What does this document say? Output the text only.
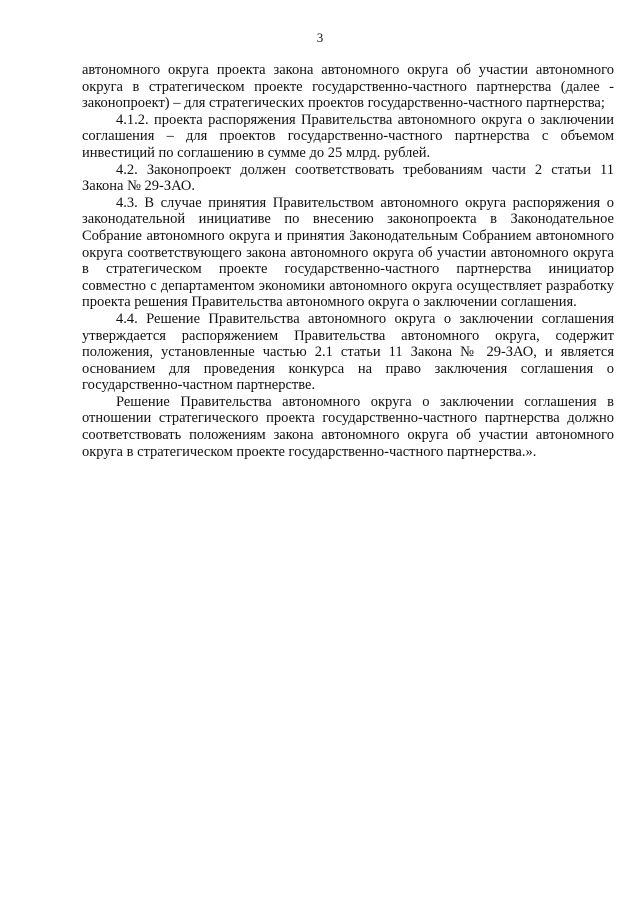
3

автономного округа проекта закона автономного округа об участии автономного округа в стратегическом проекте государственно-частного партнерства (далее - законопроект) – для стратегических проектов государственно-частного партнерства;

4.1.2. проекта распоряжения Правительства автономного округа о заключении соглашения – для проектов государственно-частного партнерства с объемом инвестиций по соглашению в сумме до 25 млрд. рублей.

4.2. Законопроект должен соответствовать требованиям части 2 статьи 11 Закона № 29-ЗАО.

4.3. В случае принятия Правительством автономного округа распоряжения о законодательной инициативе по внесению законопроекта в Законодательное Собрание автономного округа и принятия Законодательным Собранием автономного округа соответствующего закона автономного округа об участии автономного округа в стратегическом проекте государственно-частного партнерства инициатор совместно с департаментом экономики автономного округа осуществляет разработку проекта решения Правительства автономного округа о заключении соглашения.

4.4. Решение Правительства автономного округа о заключении соглашения утверждается распоряжением Правительства автономного округа, содержит положения, установленные частью 2.1 статьи 11 Закона № 29-ЗАО, и является основанием для проведения конкурса на право заключения соглашения о государственно-частном партнерстве.

Решение Правительства автономного округа о заключении соглашения в отношении стратегического проекта государственно-частного партнерства должно соответствовать положениям закона автономного округа об участии автономного округа в стратегическом проекте государственно-частного партнерства.».
